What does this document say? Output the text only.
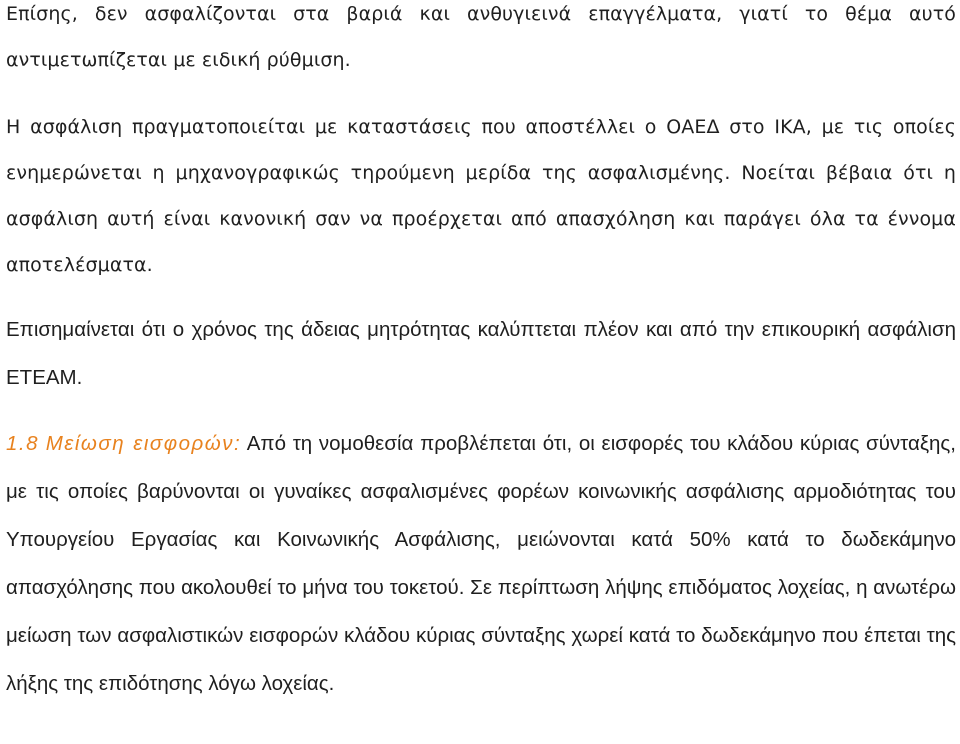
Επίσης, δεν ασφαλίζονται στα βαριά και ανθυγιεινά επαγγέλματα, γιατί το θέμα αυτό αντιμετωπίζεται με ειδική ρύθμιση.

Η ασφάλιση πραγματοποιείται με καταστάσεις που αποστέλλει ο ΟΑΕΔ στο ΙΚΑ, με τις οποίες ενημερώνεται η μηχανογραφικώς τηρούμενη μερίδα της ασφαλισμένης. Νοείται βέβαια ότι η ασφάλιση αυτή είναι κανονική σαν να προέρχεται από απασχόληση και παράγει όλα τα έννομα αποτελέσματα.

Επισημαίνεται ότι ο χρόνος της άδειας μητρότητας καλύπτεται πλέον και από την επικουρική ασφάλιση ΕΤΕΑΜ.

1.8 Μείωση εισφορών: Από τη νομοθεσία προβλέπεται ότι, οι εισφορές του κλάδου κύριας σύνταξης, με τις οποίες βαρύνονται οι γυναίκες ασφαλισμένες φορέων κοινωνικής ασφάλισης αρμοδιότητας του Υπουργείου Εργασίας και Κοινωνικής Ασφάλισης, μειώνονται κατά 50% κατά το δωδεκάμηνο απασχόλησης που ακολουθεί το μήνα του τοκετού. Σε περίπτωση λήψης επιδόματος λοχείας, η ανωτέρω μείωση των ασφαλιστικών εισφορών κλάδου κύριας σύνταξης χωρεί κατά το δωδεκάμηνο που έπεται της λήξης της επιδότησης λόγω λοχείας.
